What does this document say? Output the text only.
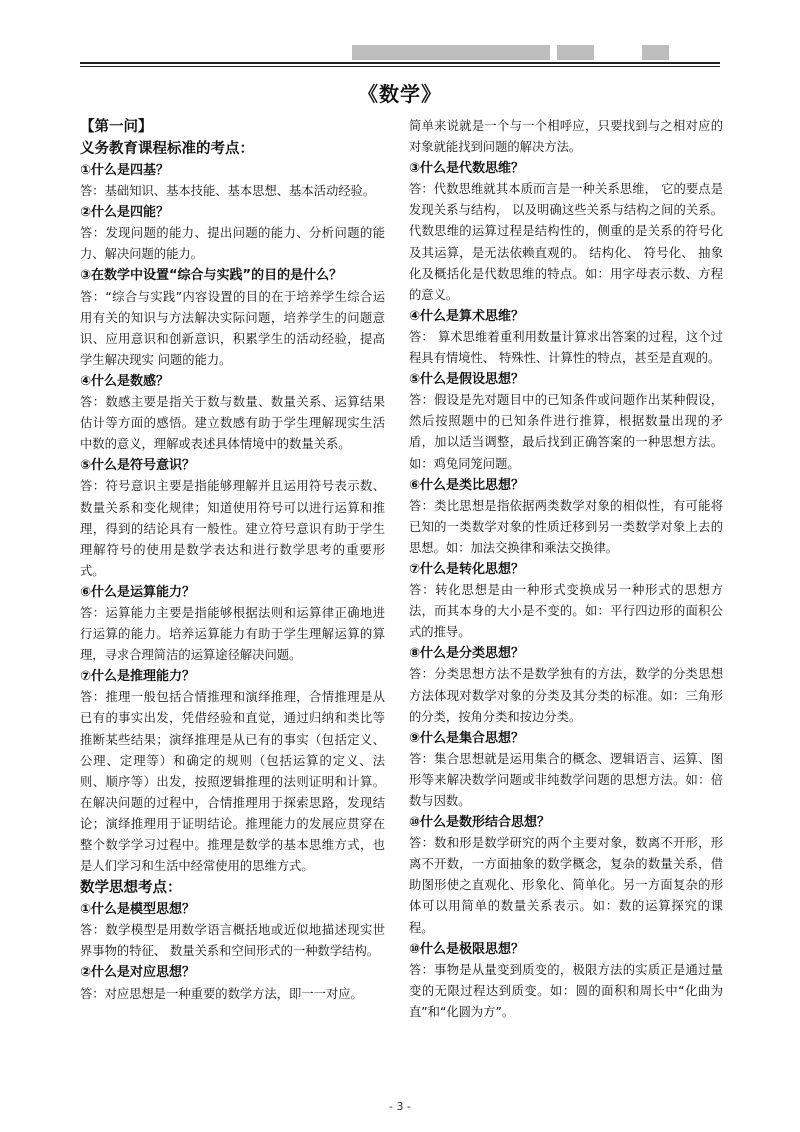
《数学》

【第一问】

义务教育课程标准的考点：

①什么是四基？

答：基础知识、基本技能、基本思想、基本活动经验。

②什么是四能？

答：发现问题的能力、提出问题的能力、分析问题的能力、解决问题的能力。

③在数学中设置“综合与实践”的目的是什么？

答：“综合与实践”内容设置的目的在于培养学生综合运用有关的知识与方法解决实际问题，培养学生的问题意识、应用意识和创新意识，积累学生的活动经验，提高学生解决现实 问题的能力。

④什么是数感？

答：数感主要是指关于数与数量、数量关系、运算结果估计等方面的感悟。建立数感有助于学生理解现实生活中数的意义，理解或表述具体情境中的数量关系。

⑤什么是符号意识？

答：符号意识主要是指能够理解并且运用符号表示数、数量关系和变化规律；知道使用符号可以进行运算和推理，得到的结论具有一般性。建立符号意识有助于学生理解符号的使用是数学表达和进行数学思考的重要形式。

⑥什么是运算能力？

答：运算能力主要是指能够根据法则和运算律正确地进行运算的能力。培养运算能力有助于学生理解运算的算理，寻求合理简洁的运算途径解决问题。

⑦什么是推理能力？

答：推理一般包括合情推理和演绎推理，合情推理是从已有的事实出发，凭借经验和直觉，通过归纳和类比等推断某些结果；演绎推理是从已有的事实（包括定义、公理、定理等）和确定的规则（包括运算的定义、法则、顺序等）出发，按照逻辑推理的法则证明和计算。在解决问题的过程中，合情推理用于探索思路，发现结论；演绎推理用于证明结论。推理能力的发展应贯穿在整个数学学习过程中。推理是数学的基本思维方式，也是人们学习和生活中经常使用的思维方式。

数学思想考点：

①什么是模型思想？

答：数学模型是用数学语言概括地或近似地描述现实世界事物的特征、 数量关系和空间形式的一种数学结构。

②什么是对应思想？

答：对应思想是一种重要的数学方法，即一一对应。

简单来说就是一个与一个相呼应，只要找到与之相对应的对象就能找到问题的解决方法。

③什么是代数思维？

答：代数思维就其本质而言是一种关系思维， 它的要点是发现关系与结构， 以及明确这些关系与结构之间的关系。 代数思维的运算过程是结构性的，侧重的是关系的符号化及其运算，是无法依赖直观的。 结构化、 符号化、 抽象化及概括化是代数思维的特点。如：用字母表示数、方程的意义。

④什么是算术思维？

答： 算术思维着重利用数量计算求出答案的过程，这个过程具有情境性、 特殊性、计算性的特点，甚至是直观的。

⑤什么是假设思想？

答：假设是先对题目中的已知条件或问题作出某种假设，然后按照题中的已知条件进行推算，根据数量出现的矛盾，加以适当调整，最后找到正确答案的一种思想方法。如：鸡兔同笼问题。

⑥什么是类比思想？

答：类比思想是指依据两类数学对象的相似性，有可能将已知的一类数学对象的性质迁移到另一类数学对象上去的思想。如：加法交换律和乘法交换律。

⑦什么是转化思想？

答：转化思想是由一种形式变换成另一种形式的思想方法，而其本身的大小是不变的。如：平行四边形的面积公式的推导。

⑧什么是分类思想？

答：分类思想方法不是数学独有的方法，数学的分类思想方法体现对数学对象的分类及其分类的标准。如：三角形的分类，按角分类和按边分类。

⑨什么是集合思想？

答：集合思想就是运用集合的概念、逻辑语言、运算、图形等来解决数学问题或非纯数学问题的思想方法。如：倍数与因数。

⑩什么是数形结合思想？

答：数和形是数学研究的两个主要对象，数离不开形，形离不开数，一方面抽象的数学概念，复杂的数量关系，借助图形使之直观化、形象化、简单化。另一方面复杂的形体可以用简单的数量关系表示。如：数的运算探究的课程。

⑩什么是极限思想？

答：事物是从量变到质变的，极限方法的实质正是通过量变的无限过程达到质变。如：圆的面积和周长中“化曲为直”和“化圆为方”。

- 3 -
